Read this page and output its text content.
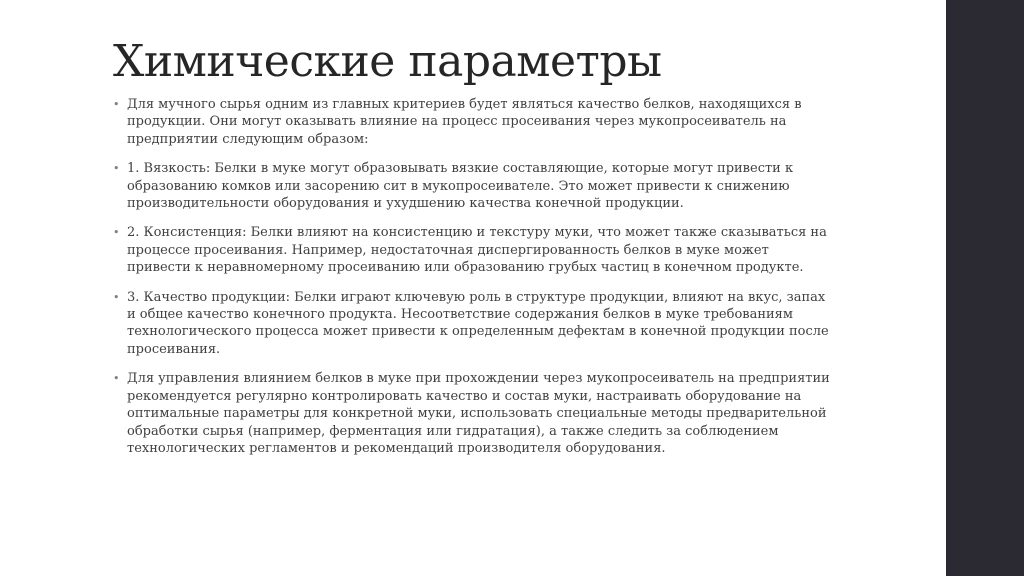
Химические параметры
• Для мучного сырья одним из главных критериев будет являться качество белков, находящихся в продукции. Они могут оказывать влияние на процесс просеивания через мукопросеиватель на предприятии следующим образом:
• 1. Вязкость: Белки в муке могут образовывать вязкие составляющие, которые могут привести к образованию комков или засорению сит в мукопросеивателе. Это может привести к снижению производительности оборудования и ухудшению качества конечной продукции.
• 2. Консистенция: Белки влияют на консистенцию и текстуру муки, что может также сказываться на процессе просеивания. Например, недостаточная диспергированность белков в муке может привести к неравномерному просеиванию или образованию грубых частиц в конечном продукте.
• 3. Качество продукции: Белки играют ключевую роль в структуре продукции, влияют на вкус, запах и общее качество конечного продукта. Несоответствие содержания белков в муке требованиям технологического процесса может привести к определенным дефектам в конечной продукции после просеивания.
• Для управления влиянием белков в муке при прохождении через мукопросеиватель на предприятии рекомендуется регулярно контролировать качество и состав муки, настраивать оборудование на оптимальные параметры для конкретной муки, использовать специальные методы предварительной обработки сырья (например, ферментация или гидратация), а также следить за соблюдением технологических регламентов и рекомендаций производителя оборудования.
